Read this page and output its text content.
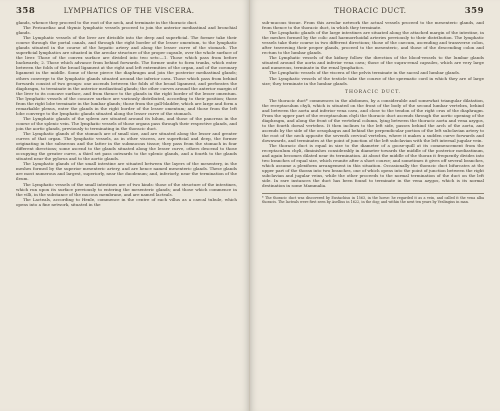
358	LYMPHATICS OF THE VISCERA.

glands, whence they proceed to the root of the neck, and terminate in the thoracic duct.

The Pericardiac and thymic lymphatic vessels proceed to join the anterior mediastinal and bronchial glands.

The Lymphatic vessels of the liver are divisible into the deep and superficial. The former take their course through the portal canals, and through the right border of the lesser omentum, to the lymphatic glands situated in the course of the hepatic artery and along the lesser curve of the stomach. The superficial lymphatics are situated in the areolar structure of the proper capsule, over the whole surface of the liver. Those of the convex surface are divided into two sets:—1. Those which pass from before backwards; 2. Those which advance from behind forwards. The former unite to form trunks, which enter between the folds of the broad ligament at the right and left extremities of the organ, and of the coronary ligament in the middle. Some of these pierce the diaphragm and join the posterior mediastinal glands; others converge to the lymphatic glands situated around the inferior cava. Those which pass from behind forwards consist of two groups: one ascends between the folds of the broad ligament, and perforates the diaphragm, to terminate in the anterior mediastinal glands; the other curves around the anterior margin of the liver to its concave surface, and from thence to the glands in the right border of the lesser omentum. The lymphatic vessels of the concave surface are variously distributed, according to their position; those from the right lobe terminate in the lumbar glands; those from the gall-bladder, which are large and form a remarkable plexus, enter the glands in the right border of the lesser omentum; and those from the left lobe converge to the lymphatic glands situated along the lesser curve of the stomach.

The Lymphatic glands of the spleen are situated around its hilum, and those of the pancreas in the course of the splenic vein. The lymphatic vessels of those organs pass through their respective glands, and join the aortic glands, previously to terminating in the thoracic duct.

The Lymphatic glands of the stomach are of small size, and are situated along the lesser and greater curves of that organ. The lymphatic vessels, as in other viscera, are superficial and deep, the former originating in the subserous and the latter in the submucous tissue; they pass from the stomach in four different directions; some ascend to the glands situated along the lesser curve, others descend to those occupying the greater curve, a third set pass outwards to the splenic glands, and a fourth to the glands situated near the pylorus and to the aortic glands.

The Lymphatic glands of the small intestine are situated between the layers of the mesentery, in the meshes formed by the superior mesenteric artery, and are hence named mesenteric glands. These glands are most numerous and largest, superiorly, near the duodenum; and, inferiorly, near the termination of the ileum.

The Lymphatic vessels of the small intestines are of two kinds: those of the structure of the intestines, which run upon its surface previously to entering the mesenteric glands; and those which commence in the villi, in the substance of the mucous membrane, and are named lacteals.

The Lacteals, according to Henle, commence in the centre of each villus as a caecal tubule, which opens into a fine network, situated in the

THORACIC DUCT.	359

sub-mucous tissue. From this areolar network the actual vessels proceed to the mesenteric glands, and from thence to the thoracic duct, in which they terminate.

The Lymphatic glands of the large intestines are situated along the attached margin of the intestine, in the meshes formed by the colic and haemorrhoidal arteries previously to their distribution. The lymphatic vessels take their course in two different directions; those of the caecum, ascending and transverse colon, after traversing their proper glands, proceed to the mesenteric, and those of the descending colon and rectum to the lumbar glands.

The Lymphatic vessels of the kidney follow the direction of the blood-vessels to the lumbar glands situated around the aorta and inferior vena cava; those of the supra-renal capsules, which are very large and numerous, terminate in the renal lymphatics.

The Lymphatic vessels of the viscera of the pelvis terminate in the sacral and lumbar glands.

The Lymphatic vessels of the testicle take the course of the spermatic cord in which they are of large size; they terminate in the lumbar glands.

THORACIC DUCT.

The thoracic duct* commences in the abdomen, by a considerable and somewhat triangular dilatation, the receptaculum chyli, which is situated on the front of the body of the second lumbar vertebra, behind and between the aorta and inferior vena cava, and close to the tendon of the right crus of the diaphragm. From the upper part of the receptaculum chyli the thoracic duct ascends through the aortic opening of the diaphragm, and along the front of the vertebral column, lying between the thoracic aorta and vena azygos, to the fourth dorsal vertebra. It then inclines to the left side, passes behind the arch of the aorta, and ascends by the side of the oesophagus and behind the perpendicular portion of the left subclavian artery to the root of the neck opposite the seventh cervical vertebra, where it makes a sudden curve forwards and downwards, and terminates at the point of junction of the left subclavian with the left internal jugular vein.

The thoracic duct is equal in size to the diameter of a goose-quill at its commencement from the receptaculum chyli, diminishes considerably in diameter towards the middle of the posterior mediastinum, and again becomes dilated near its termination. At about the middle of the thorax it frequently divides into two branches of equal size, which reunite after a short course; and sometimes it gives off several branches, which assume a plexiform arrangement in this situation. Occasionally the thoracic duct bifurcates at the upper part of the thorax into two branches, one of which opens into the point of junction between the right subclavian and jugular veins, while the other proceeds to the normal termination of the duct on the left side. In rare instances the duct has been found to terminate in the vena azygos, which is its normal destination in some Mammalia.

* The thoracic duct was discovered by Eustachius in 1563, in the horse: he regarded it as a vein, and called it the vena alba thoracis. The lacteals were first seen by Asellius in 1622, in the dog; and within the next ten years by Veslingius in man.
